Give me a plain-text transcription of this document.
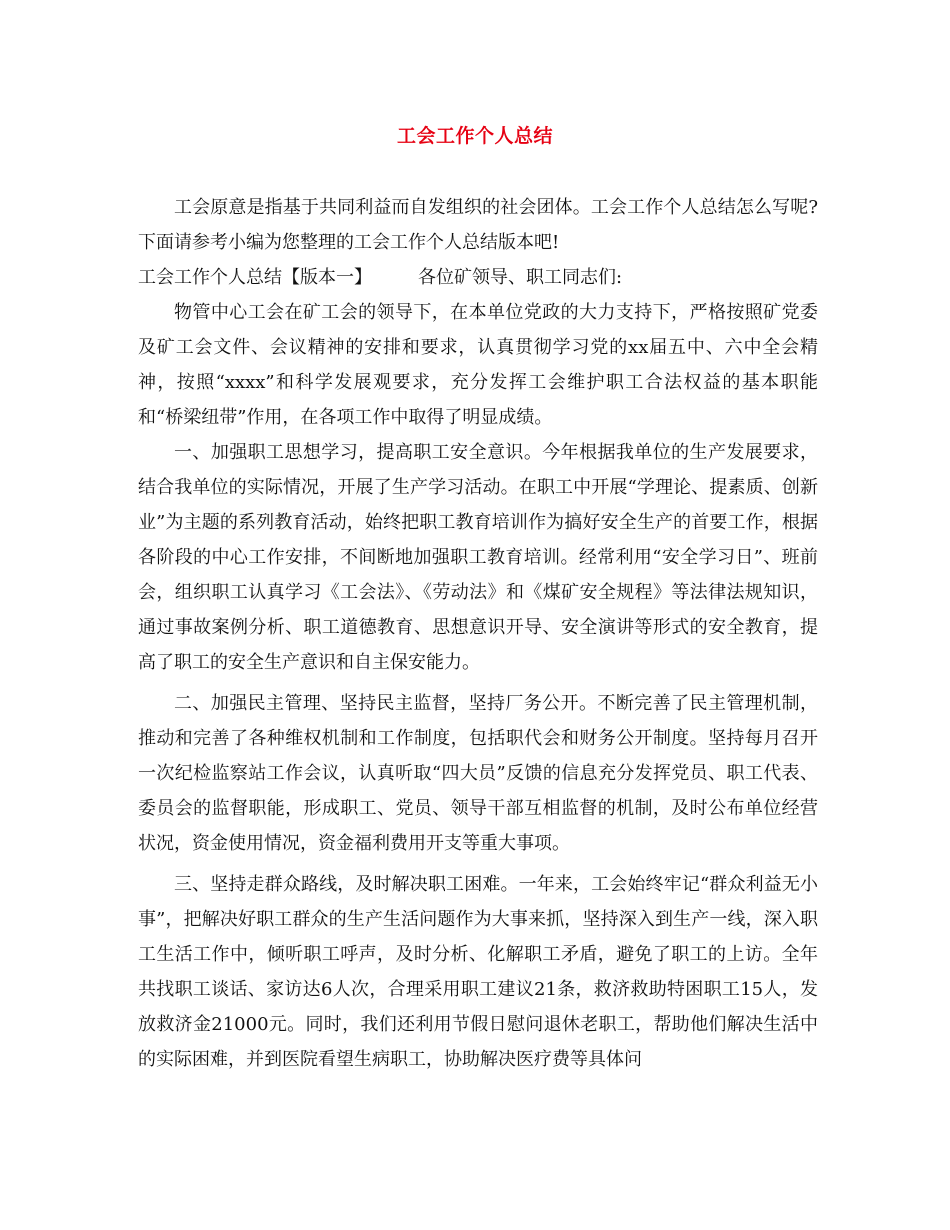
工会工作个人总结

工会原意是指基于共同利益而自发组织的社会团体。工会工作个人总结怎么写呢?下面请参考小编为您整理的工会工作个人总结版本吧!

工会工作个人总结【版本一】	各位矿领导、职工同志们:

物管中心工会在矿工会的领导下，在本单位党政的大力支持下，严格按照矿党委及矿工会文件、会议精神的安排和要求，认真贯彻学习党的xx届五中、六中全会精神，按照“xxxx”和科学发展观要求，充分发挥工会维护职工合法权益的基本职能和“桥梁纽带”作用，在各项工作中取得了明显成绩。

一、加强职工思想学习，提高职工安全意识。今年根据我单位的生产发展要求，结合我单位的实际情况，开展了生产学习活动。在职工中开展“学理论、提素质、创新业”为主题的系列教育活动，始终把职工教育培训作为搞好安全生产的首要工作，根据各阶段的中心工作安排，不间断地加强职工教育培训。经常利用“安全学习日”、班前会，组织职工认真学习《工会法》、《劳动法》和《煤矿安全规程》等法律法规知识，通过事故案例分析、职工道德教育、思想意识开导、安全演讲等形式的安全教育，提高了职工的安全生产意识和自主保安能力。

二、加强民主管理、坚持民主监督，坚持厂务公开。不断完善了民主管理机制，推动和完善了各种维权机制和工作制度，包括职代会和财务公开制度。坚持每月召开一次纪检监察站工作会议，认真听取“四大员”反馈的信息充分发挥党员、职工代表、委员会的监督职能，形成职工、党员、领导干部互相监督的机制，及时公布单位经营状况，资金使用情况，资金福利费用开支等重大事项。

三、坚持走群众路线，及时解决职工困难。一年来，工会始终牢记“群众利益无小事”，把解决好职工群众的生产生活问题作为大事来抓，坚持深入到生产一线，深入职工生活工作中，倾听职工呼声，及时分析、化解职工矛盾，避免了职工的上访。全年共找职工谈话、家访达6人次，合理采用职工建议21条，救济救助特困职工15人，发放救济金21000元。同时，我们还利用节假日慰问退休老职工，帮助他们解决生活中的实际困难，并到医院看望生病职工，协助解决医疗费等具体问
